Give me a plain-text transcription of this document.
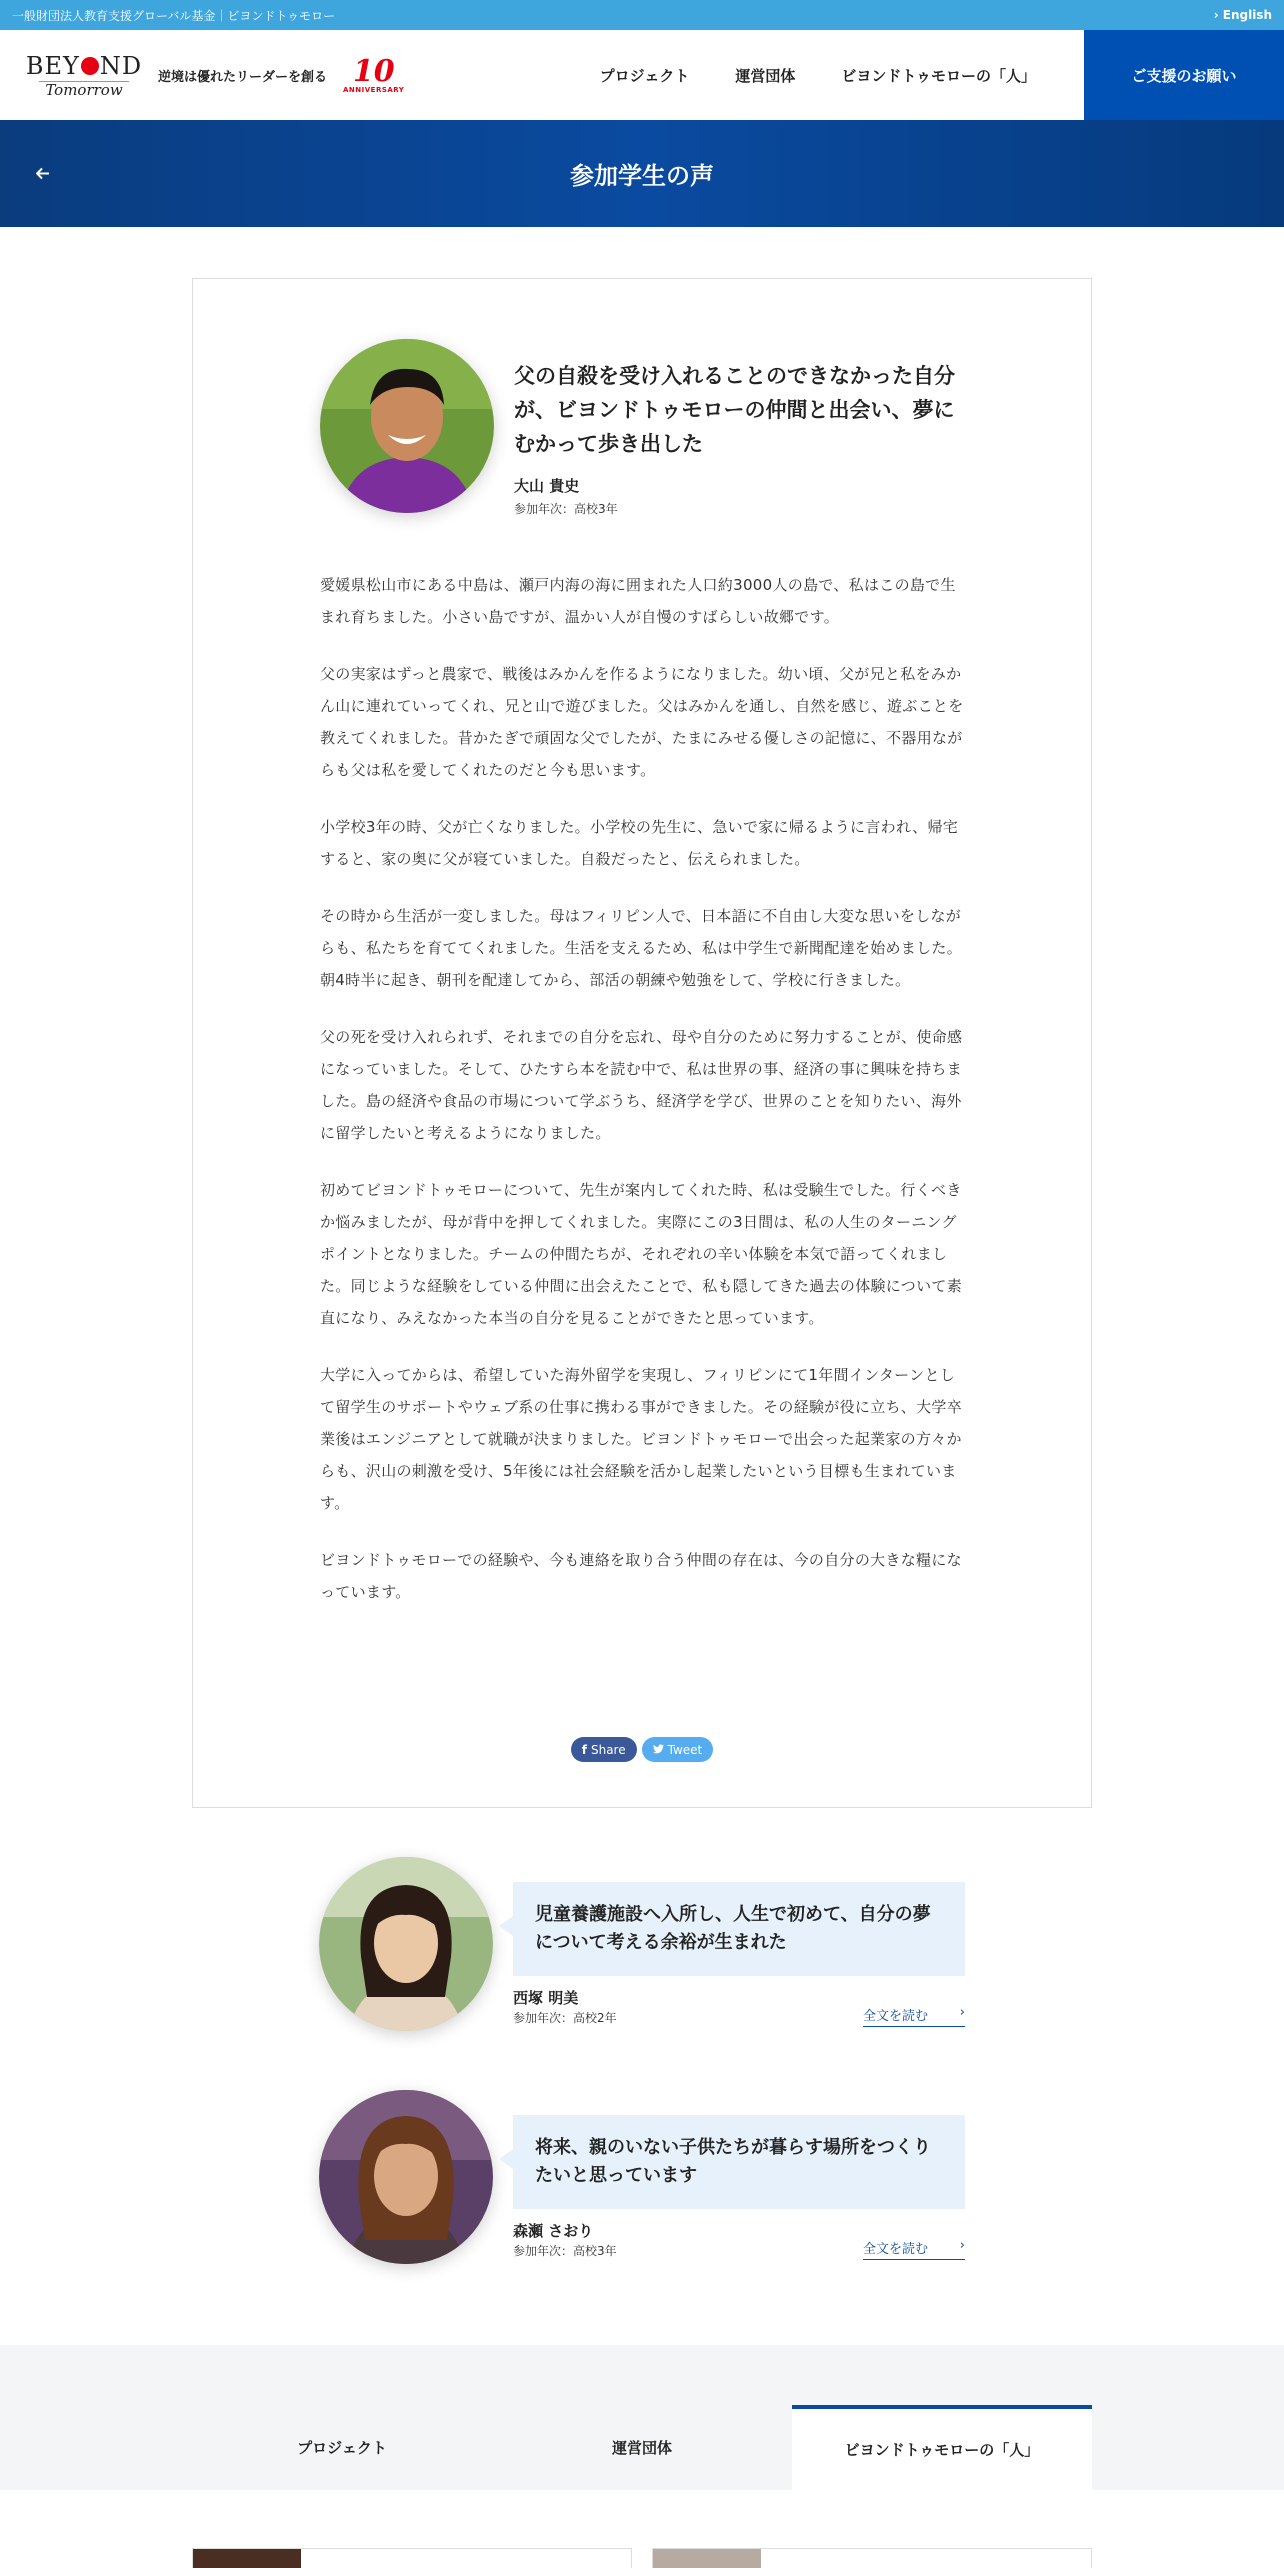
一般財団法人教育支援グローバル基金｜ビヨンドトゥモロー	› English
BEY ND
Tomorrow
逆境は優れたリーダーを創る 10
ANNIVERSARY
プロジェクト	運営団体	ビヨンドトゥモローの「人」	ご支援のお願い
参加学生の声
父の自殺を受け入れることのできなかった自分が、ビヨンドトゥモローの仲間と出会い、夢にむかって歩き出した
大山 貴史
参加年次：高校3年

愛媛県松山市にある中島は、瀬戸内海の海に囲まれた人口約3000人の島で、私はこの島で生まれ育ちました。小さい島ですが、温かい人が自慢のすばらしい故郷です。

父の実家はずっと農家で、戦後はみかんを作るようになりました。幼い頃、父が兄と私をみかん山に連れていってくれ、兄と山で遊びました。父はみかんを通し、自然を感じ、遊ぶことを教えてくれました。昔かたぎで頑固な父でしたが、たまにみせる優しさの記憶に、不器用ながらも父は私を愛してくれたのだと今も思います。

小学校3年の時、父が亡くなりました。小学校の先生に、急いで家に帰るように言われ、帰宅すると、家の奥に父が寝ていました。自殺だったと、伝えられました。

その時から生活が一変しました。母はフィリピン人で、日本語に不自由し大変な思いをしながらも、私たちを育ててくれました。生活を支えるため、私は中学生で新聞配達を始めました。朝4時半に起き、朝刊を配達してから、部活の朝練や勉強をして、学校に行きました。

父の死を受け入れられず、それまでの自分を忘れ、母や自分のために努力することが、使命感になっていました。そして、ひたすら本を読む中で、私は世界の事、経済の事に興味を持ちました。島の経済や食品の市場について学ぶうち、経済学を学び、世界のことを知りたい、海外に留学したいと考えるようになりました。

初めてビヨンドトゥモローについて、先生が案内してくれた時、私は受験生でした。行くべきか悩みましたが、母が背中を押してくれました。実際にこの3日間は、私の人生のターニングポイントとなりました。チームの仲間たちが、それぞれの辛い体験を本気で語ってくれました。同じような経験をしている仲間に出会えたことで、私も隠してきた過去の体験について素直になり、みえなかった本当の自分を見ることができたと思っています。

大学に入ってからは、希望していた海外留学を実現し、フィリピンにて1年間インターンとして留学生のサポートやウェブ系の仕事に携わる事ができました。その経験が役に立ち、大学卒業後はエンジニアとして就職が決まりました。ビヨンドトゥモローで出会った起業家の方々からも、沢山の刺激を受け、5年後には社会経験を活かし起業したいという目標も生まれています。

ビヨンドトゥモローでの経験や、今も連絡を取り合う仲間の存在は、今の自分の大きな糧になっています。

f Share	Tweet
児童養護施設へ入所し、人生で初めて、自分の夢について考える余裕が生まれた
西塚 明美
参加年次：高校2年	全文を読む ›
将来、親のいない子供たちが暮らす場所をつくりたいと思っています
森瀬 さおり
参加年次：高校3年	全文を読む ›
プロジェクト	運営団体	ビヨンドトゥモローの「人」
